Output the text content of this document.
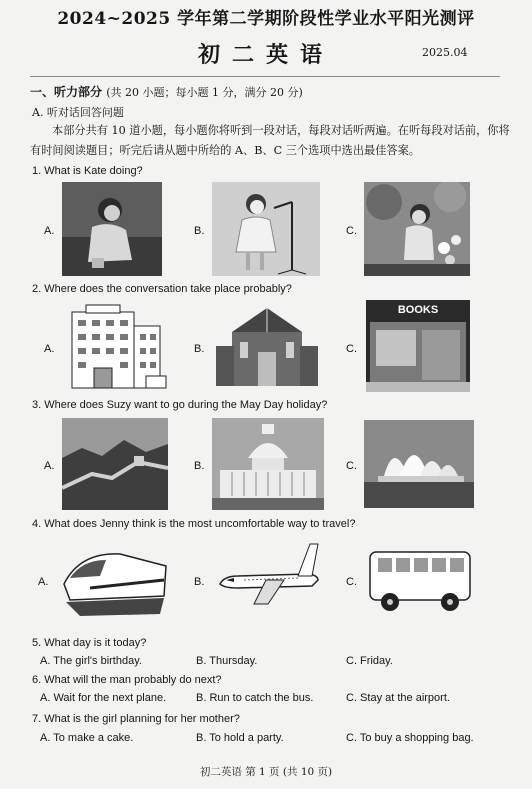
2024~2025 学年第二学期阶段性学业水平阳光测评
初二英语	2025.04
一、听力部分 (共 20 小题；每小题 1 分，满分 20 分)
A. 听对话回答问题
本部分共有 10 道小题，每小题你将听到一段对话，每段对话听两遍。在听每段对话前，你将有时间阅读题目；听完后请从题中所给的 A、B、C 三个选项中选出最佳答案。
1. What is Kate doing?
A.	B.	C.
2. Where does the conversation take place probably?
A.	B.	C.
BOOKS
3. Where does Suzy want to go during the May Day holiday?
A.	B.	C.
4. What does Jenny think is the most uncomfortable way to travel?
A.	B.	C.
5. What day is it today?
A. The girl's birthday.	B. Thursday.	C. Friday.
6. What will the man probably do next?
A. Wait for the next plane.	B. Run to catch the bus.	C. Stay at the airport.
7. What is the girl planning for her mother?
A. To make a cake.	B. To hold a party.	C. To buy a shopping bag.
初二英语 第 1 页 (共 10 页)
